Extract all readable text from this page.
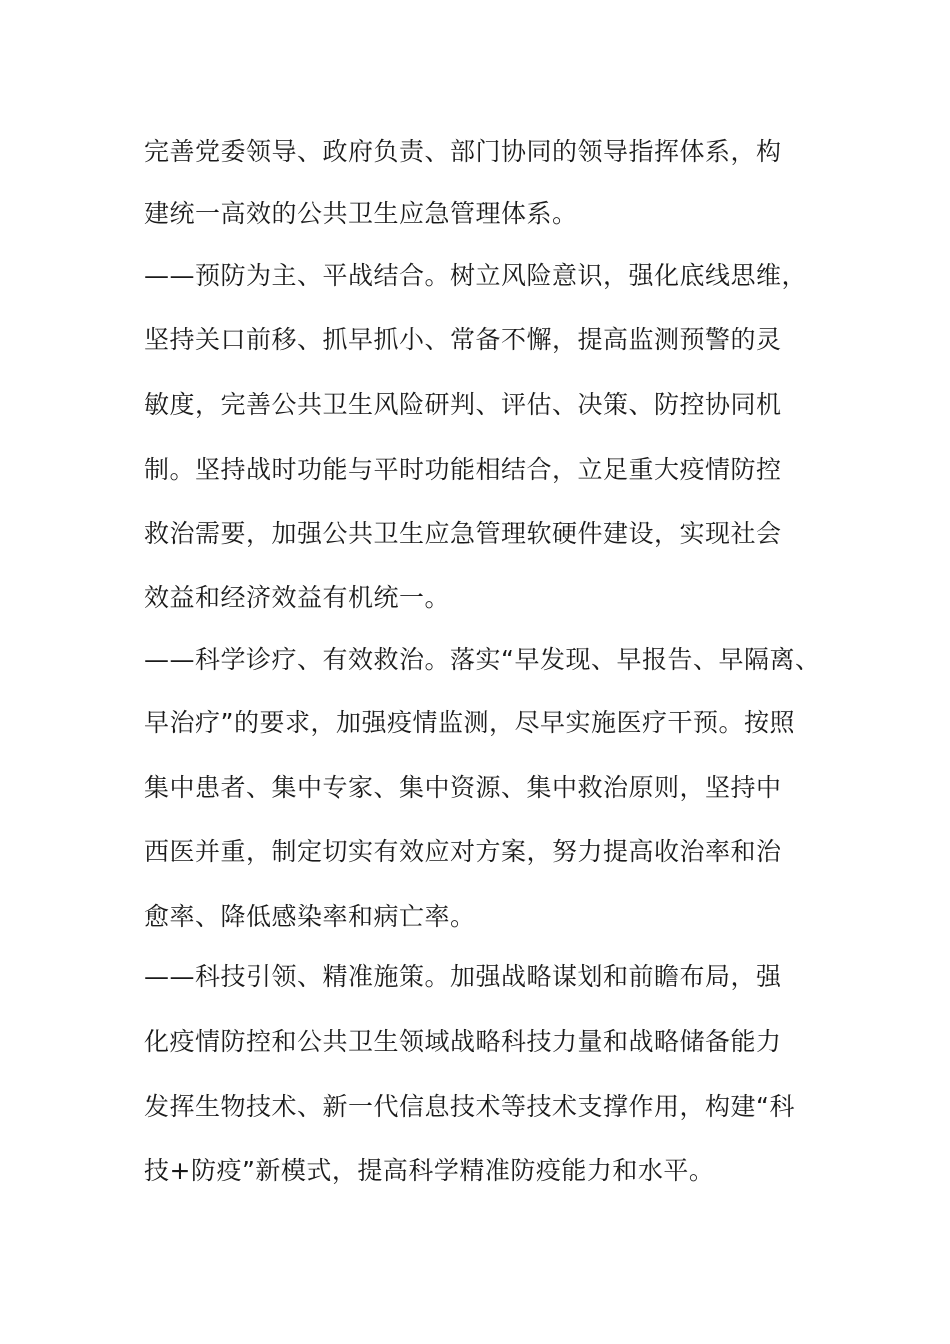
完善党委领导、政府负责、部门协同的领导指挥体系，构
建统一高效的公共卫生应急管理体系。
——预防为主、平战结合。树立风险意识，强化底线思维，
坚持关口前移、抓早抓小、常备不懈，提高监测预警的灵
敏度，完善公共卫生风险研判、评估、决策、防控协同机
制。坚持战时功能与平时功能相结合，立足重大疫情防控
救治需要，加强公共卫生应急管理软硬件建设，实现社会
效益和经济效益有机统一。
——科学诊疗、有效救治。落实“早发现、早报告、早隔离、
早治疗”的要求，加强疫情监测，尽早实施医疗干预。按照
集中患者、集中专家、集中资源、集中救治原则，坚持中
西医并重，制定切实有效应对方案，努力提高收治率和治
愈率、降低感染率和病亡率。
——科技引领、精准施策。加强战略谋划和前瞻布局，强
化疫情防控和公共卫生领域战略科技力量和战略储备能力
发挥生物技术、新一代信息技术等技术支撑作用，构建“科
技+防疫”新模式，提高科学精准防疫能力和水平。
